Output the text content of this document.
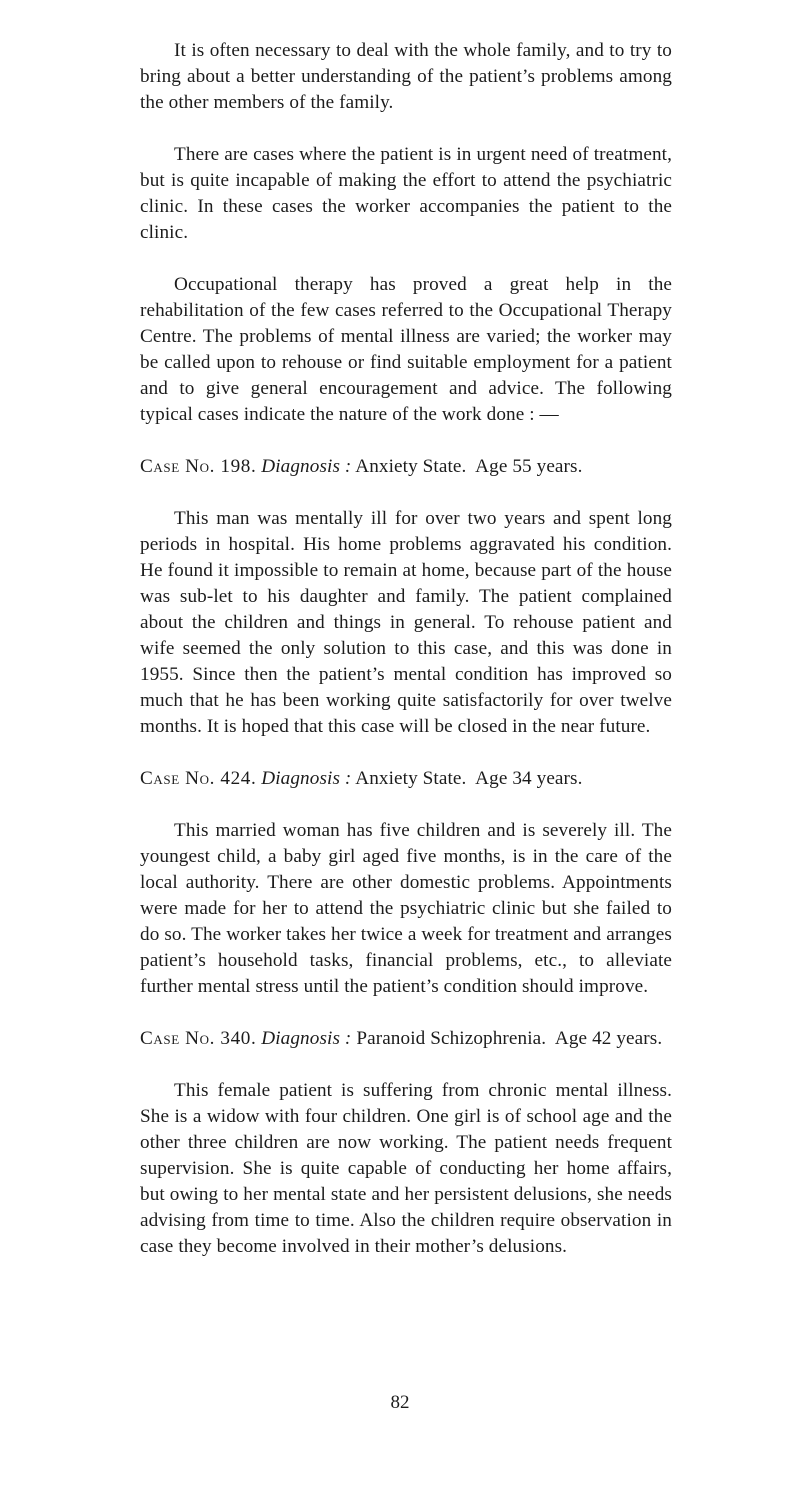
It is often necessary to deal with the whole family, and to try to bring about a better understanding of the patient’s problems among the other members of the family.

There are cases where the patient is in urgent need of treatment, but is quite incapable of making the effort to attend the psychiatric clinic. In these cases the worker accompanies the patient to the clinic.

Occupational therapy has proved a great help in the rehabilitation of the few cases referred to the Occupational Therapy Centre. The problems of mental illness are varied; the worker may be called upon to rehouse or find suitable employment for a patient and to give general encouragement and advice. The following typical cases indicate the nature of the work done : —

Case No. 198. Diagnosis : Anxiety State. Age 55 years.

This man was mentally ill for over two years and spent long periods in hospital. His home problems aggravated his condition. He found it impossible to remain at home, because part of the house was sub-let to his daughter and family. The patient complained about the children and things in general. To rehouse patient and wife seemed the only solution to this case, and this was done in 1955. Since then the patient’s mental condition has improved so much that he has been working quite satisfactorily for over twelve months. It is hoped that this case will be closed in the near future.

Case No. 424. Diagnosis : Anxiety State. Age 34 years.

This married woman has five children and is severely ill. The youngest child, a baby girl aged five months, is in the care of the local authority. There are other domestic problems. Appointments were made for her to attend the psychiatric clinic but she failed to do so. The worker takes her twice a week for treatment and arranges patient’s household tasks, financial problems, etc., to alleviate further mental stress until the patient’s condition should improve.

Case No. 340. Diagnosis : Paranoid Schizophrenia. Age 42 years.

This female patient is suffering from chronic mental illness. She is a widow with four children. One girl is of school age and the other three children are now working. The patient needs frequent supervision. She is quite capable of conducting her home affairs, but owing to her mental state and her persistent delusions, she needs advising from time to time. Also the children require observation in case they become involved in their mother’s delusions.

82
